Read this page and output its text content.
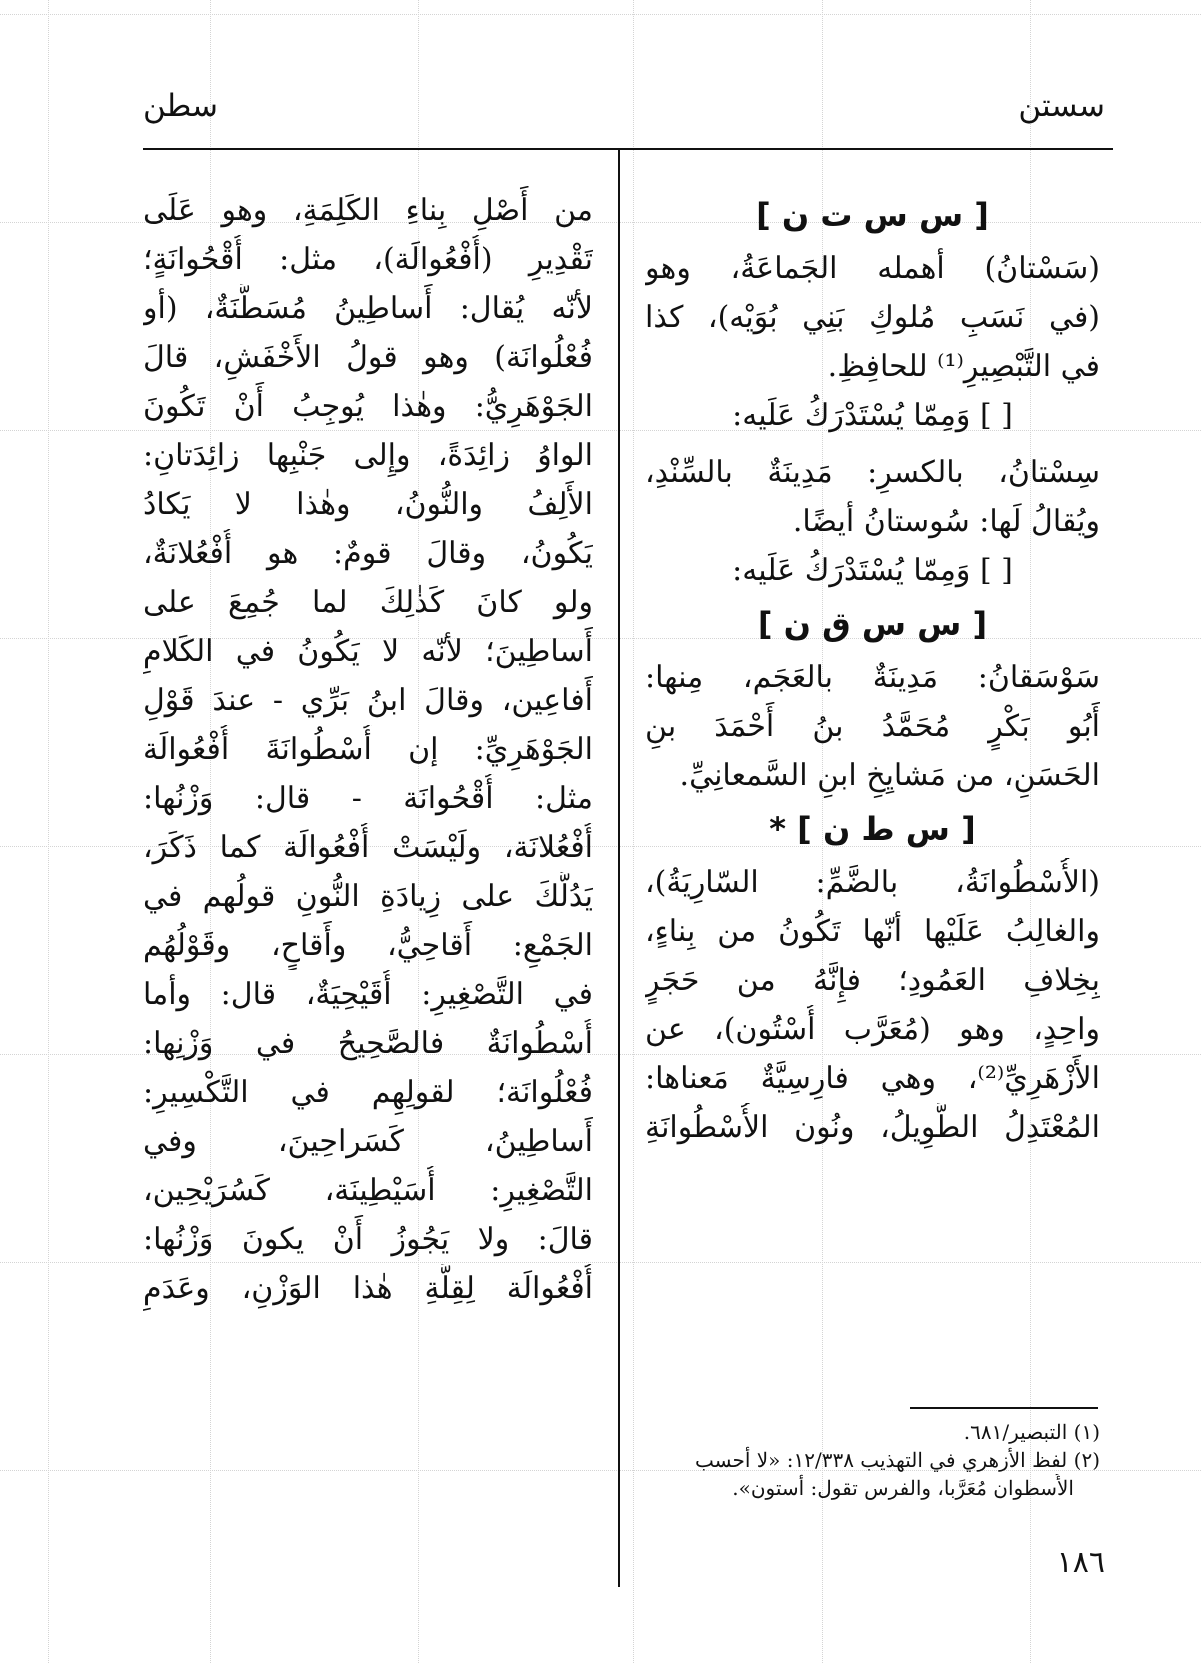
سستن
سطن
[ س س ت ن ]
(سَسْتانُ) أهمله الجَماعَةُ، وهو
(في نَسَبِ مُلوكِ بَنِي بُوَيْه)، كذا
في التَّبْصِيرِ⁽¹⁾ للحافِظِ.
[ ] وَمِمّا يُسْتَدْرَكُ عَلَيه:
سِسْتانُ، بالكسرِ: مَدِينَةٌ بالسِّنْدِ،
ويُقالُ لَها: سُوستانُ أيضًا.
[ ] وَمِمّا يُسْتَدْرَكُ عَلَيه:
[ س س ق ن ]
سَوْسَقانُ: مَدِينَةٌ بالعَجَم، مِنها:
أَبُو بَكْرٍ مُحَمَّدُ بنُ أَحْمَدَ بنِ
الحَسَنِ، من مَشايِخِ ابنِ السَّمعانِيِّ.
[ س ط ن ] *
(الأُسْطُوانَةُ، بالضَّمِّ: السّارِيَةُ)،
والغالِبُ عَلَيْها أنّها تَكُونُ من بِناءٍ،
بِخِلافِ العَمُودِ؛ فإِنَّهُ من حَجَرٍ
واحِدٍ، وهو (مُعَرَّب أُسْتُون)، عن
الأَزْهَرِيِّ⁽²⁾، وهي فارِسِيَّةٌ مَعناها:
المُعْتَدِلُ الطَّوِيلُ، ونُون الأُسْطُوانَةِ
من أَصْلِ بِناءِ الكَلِمَةِ، وهو عَلَى
تَقْدِيرِ (أُفْعُوالَة)، مثل: أُقْحُوانَةٍ؛
لأنّه يُقال: أَساطِينُ مُسَطَّنَةٌ، (أو
فُعْلُوانَة) وهو قولُ الأَخْفَشِ، قالَ
الجَوْهَرِيُّ: وهٰذا يُوجِبُ أَنْ تَكُونَ
الواوُ زائِدَةً، وإِلى جَنْبِها زائِدَتانِ:
الأَلِفُ والنُّونُ، وهٰذا لا يَكادُ
يَكُونُ، وقالَ قومٌ: هو أُفْعُلانَةٌ،
ولو كانَ كَذٰلِكَ لما جُمِعَ على
أَساطِينَ؛ لأنّه لا يَكُونُ في الكَلامِ
أَفاعِين، وقالَ ابنُ بَرِّي - عندَ قَوْلِ
الجَوْهَرِيِّ: إن أُسْطُوانَةَ أُفْعُوالَة
مثل: أُقْحُوانَة - قال: وَزْنُها:
أُفْعُلانَة، ولَيْسَتْ أُفْعُوالَة كما ذَكَرَ،
يَدُلُّكَ على زِيادَةِ النُّونِ قولُهم في
الجَمْعِ: أَقاحِيُّ، وأَقاحٍ، وقَوْلُهُم
في التَّصْغِيرِ: أُقَيْحِيَةٌ، قال: وأما
أُسْطُوانَةٌ فالصَّحِيحُ في وَزْنِها:
فُعْلُوانَة؛ لقولِهِم في التَّكْسِيرِ:
أَساطِينُ، كَسَراحِينَ، وفي
التَّصْغِيرِ: أُسَيْطِينَة، كَسُرَيْحِين،
قالَ: ولا يَجُوزُ أَنْ يكونَ وَزْنُها:
أُفْعُوالَة لِقِلَّةِ هٰذا الوَزْنِ، وعَدَمِ
(١) التبصير/٦٨١.
(٢) لفظ الأزهري في التهذيب ١٢/٣٣٨: «لا أحسب
الأُسطوان مُعَرَّبا، والفرس تقول: أستون».
١٨٦
